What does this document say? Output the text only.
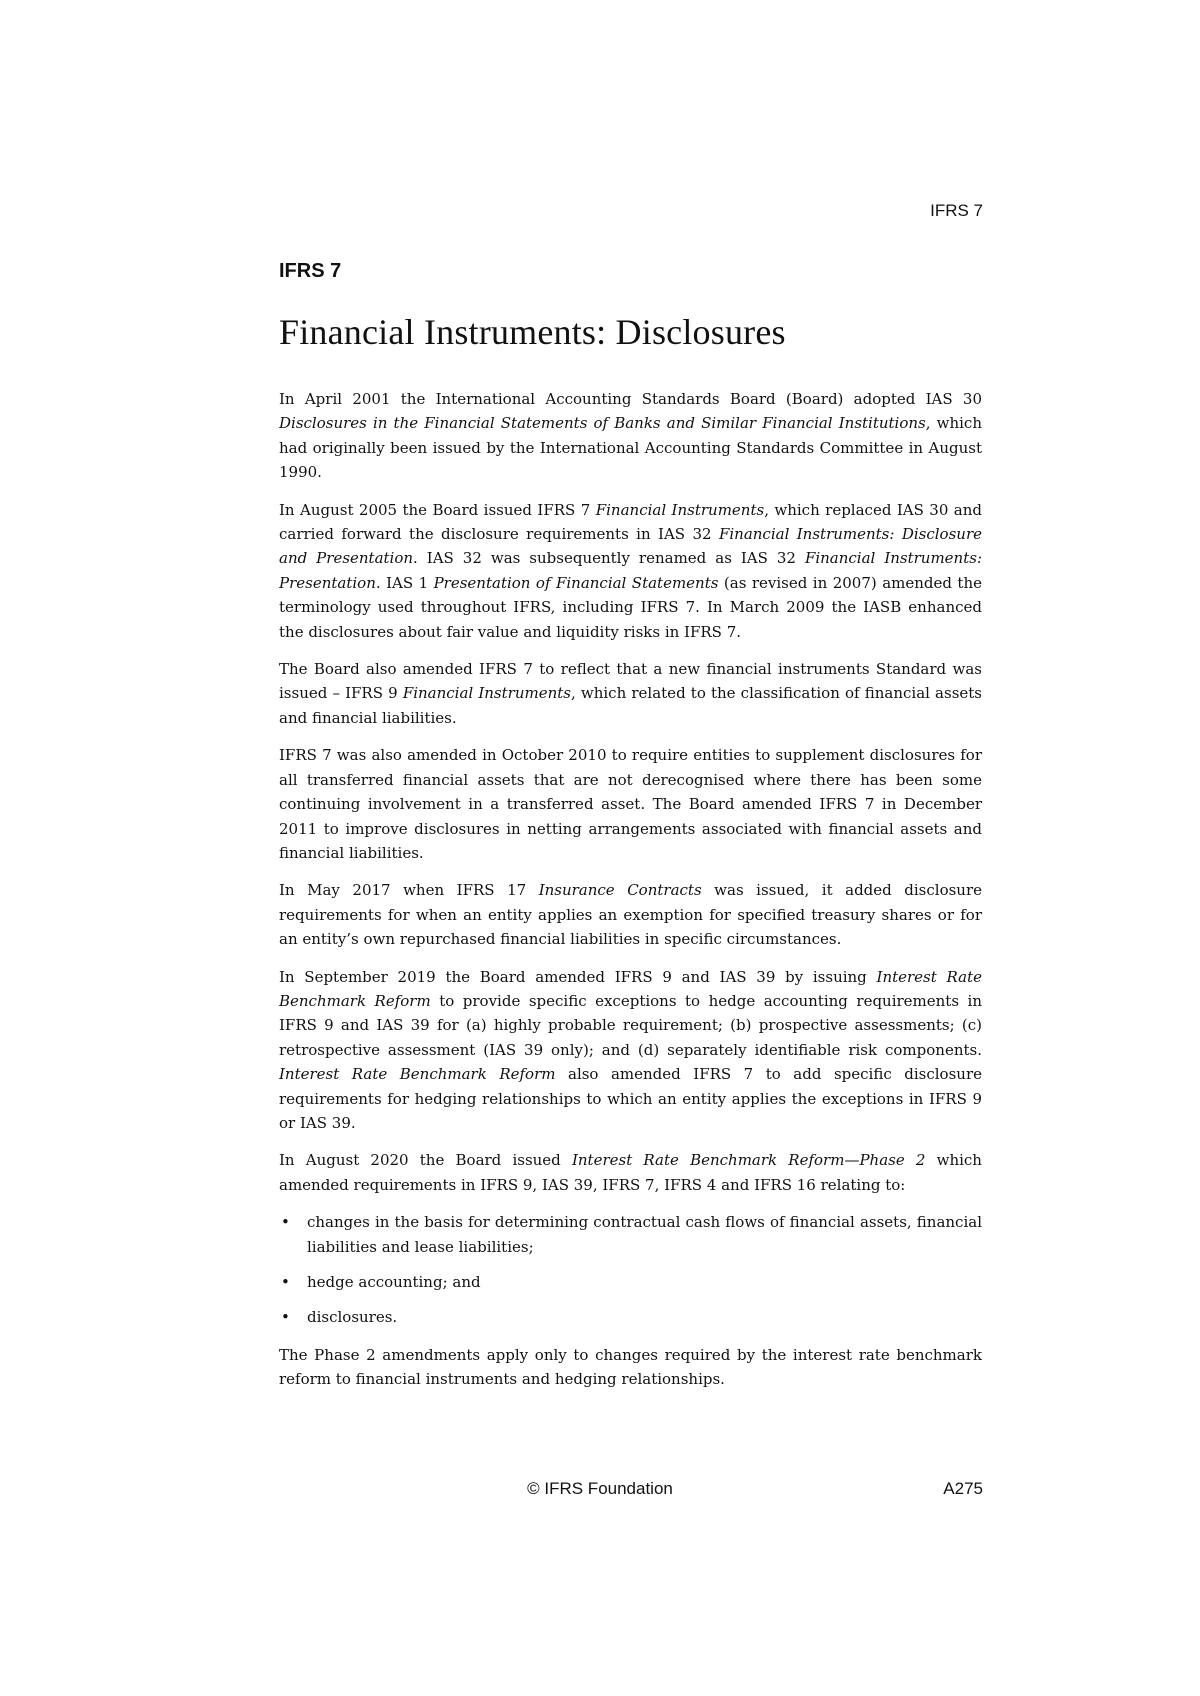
IFRS 7
IFRS 7
Financial Instruments: Disclosures

In April 2001 the International Accounting Standards Board (Board) adopted IAS 30 Disclosures in the Financial Statements of Banks and Similar Financial Institutions, which had originally been issued by the International Accounting Standards Committee in August 1990.

In August 2005 the Board issued IFRS 7 Financial Instruments, which replaced IAS 30 and carried forward the disclosure requirements in IAS 32 Financial Instruments: Disclosure and Presentation. IAS 32 was subsequently renamed as IAS 32 Financial Instruments: Presentation. IAS 1 Presentation of Financial Statements (as revised in 2007) amended the terminology used throughout IFRS, including IFRS 7. In March 2009 the IASB enhanced the disclosures about fair value and liquidity risks in IFRS 7.

The Board also amended IFRS 7 to reflect that a new financial instruments Standard was issued – IFRS 9 Financial Instruments, which related to the classification of financial assets and financial liabilities.

IFRS 7 was also amended in October 2010 to require entities to supplement disclosures for all transferred financial assets that are not derecognised where there has been some continuing involvement in a transferred asset. The Board amended IFRS 7 in December 2011 to improve disclosures in netting arrangements associated with financial assets and financial liabilities.

In May 2017 when IFRS 17 Insurance Contracts was issued, it added disclosure requirements for when an entity applies an exemption for specified treasury shares or for an entity’s own repurchased financial liabilities in specific circumstances.

In September 2019 the Board amended IFRS 9 and IAS 39 by issuing Interest Rate Benchmark Reform to provide specific exceptions to hedge accounting requirements in IFRS 9 and IAS 39 for (a) highly probable requirement; (b) prospective assessments; (c) retrospective assessment (IAS 39 only); and (d) separately identifiable risk components. Interest Rate Benchmark Reform also amended IFRS 7 to add specific disclosure requirements for hedging relationships to which an entity applies the exceptions in IFRS 9 or IAS 39.

In August 2020 the Board issued Interest Rate Benchmark Reform—Phase 2 which amended requirements in IFRS 9, IAS 39, IFRS 7, IFRS 4 and IFRS 16 relating to:

• changes in the basis for determining contractual cash flows of financial assets, financial liabilities and lease liabilities;
• hedge accounting; and
• disclosures.

The Phase 2 amendments apply only to changes required by the interest rate benchmark reform to financial instruments and hedging relationships.

© IFRS Foundation	A275
